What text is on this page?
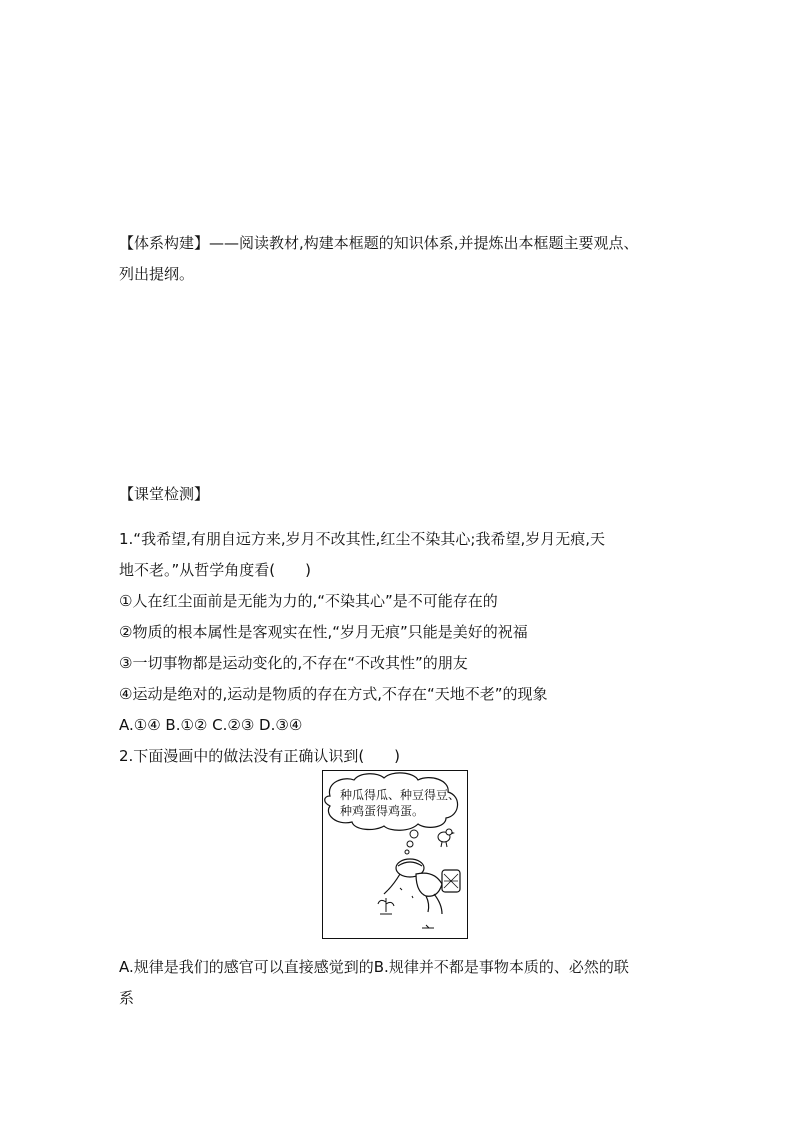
【体系构建】——阅读教材,构建本框题的知识体系,并提炼出本框题主要观点、
列出提纲。
【课堂检测】
1.“我希望,有朋自远方来,岁月不改其性,红尘不染其心;我希望,岁月无痕,天
地不老。”从哲学角度看(　　)
①人在红尘面前是无能为力的,“不染其心”是不可能存在的
②物质的根本属性是客观实在性,“岁月无痕”只能是美好的祝福
③一切事物都是运动变化的,不存在“不改其性”的朋友
④运动是绝对的,运动是物质的存在方式,不存在“天地不老”的现象
A.①④ B.①② C.②③ D.③④
2.下面漫画中的做法没有正确认识到(　　)
种瓜得瓜、种豆得豆、
种鸡蛋得鸡蛋。
A.规律是我们的感官可以直接感觉到的B.规律并不都是事物本质的、必然的联
系
